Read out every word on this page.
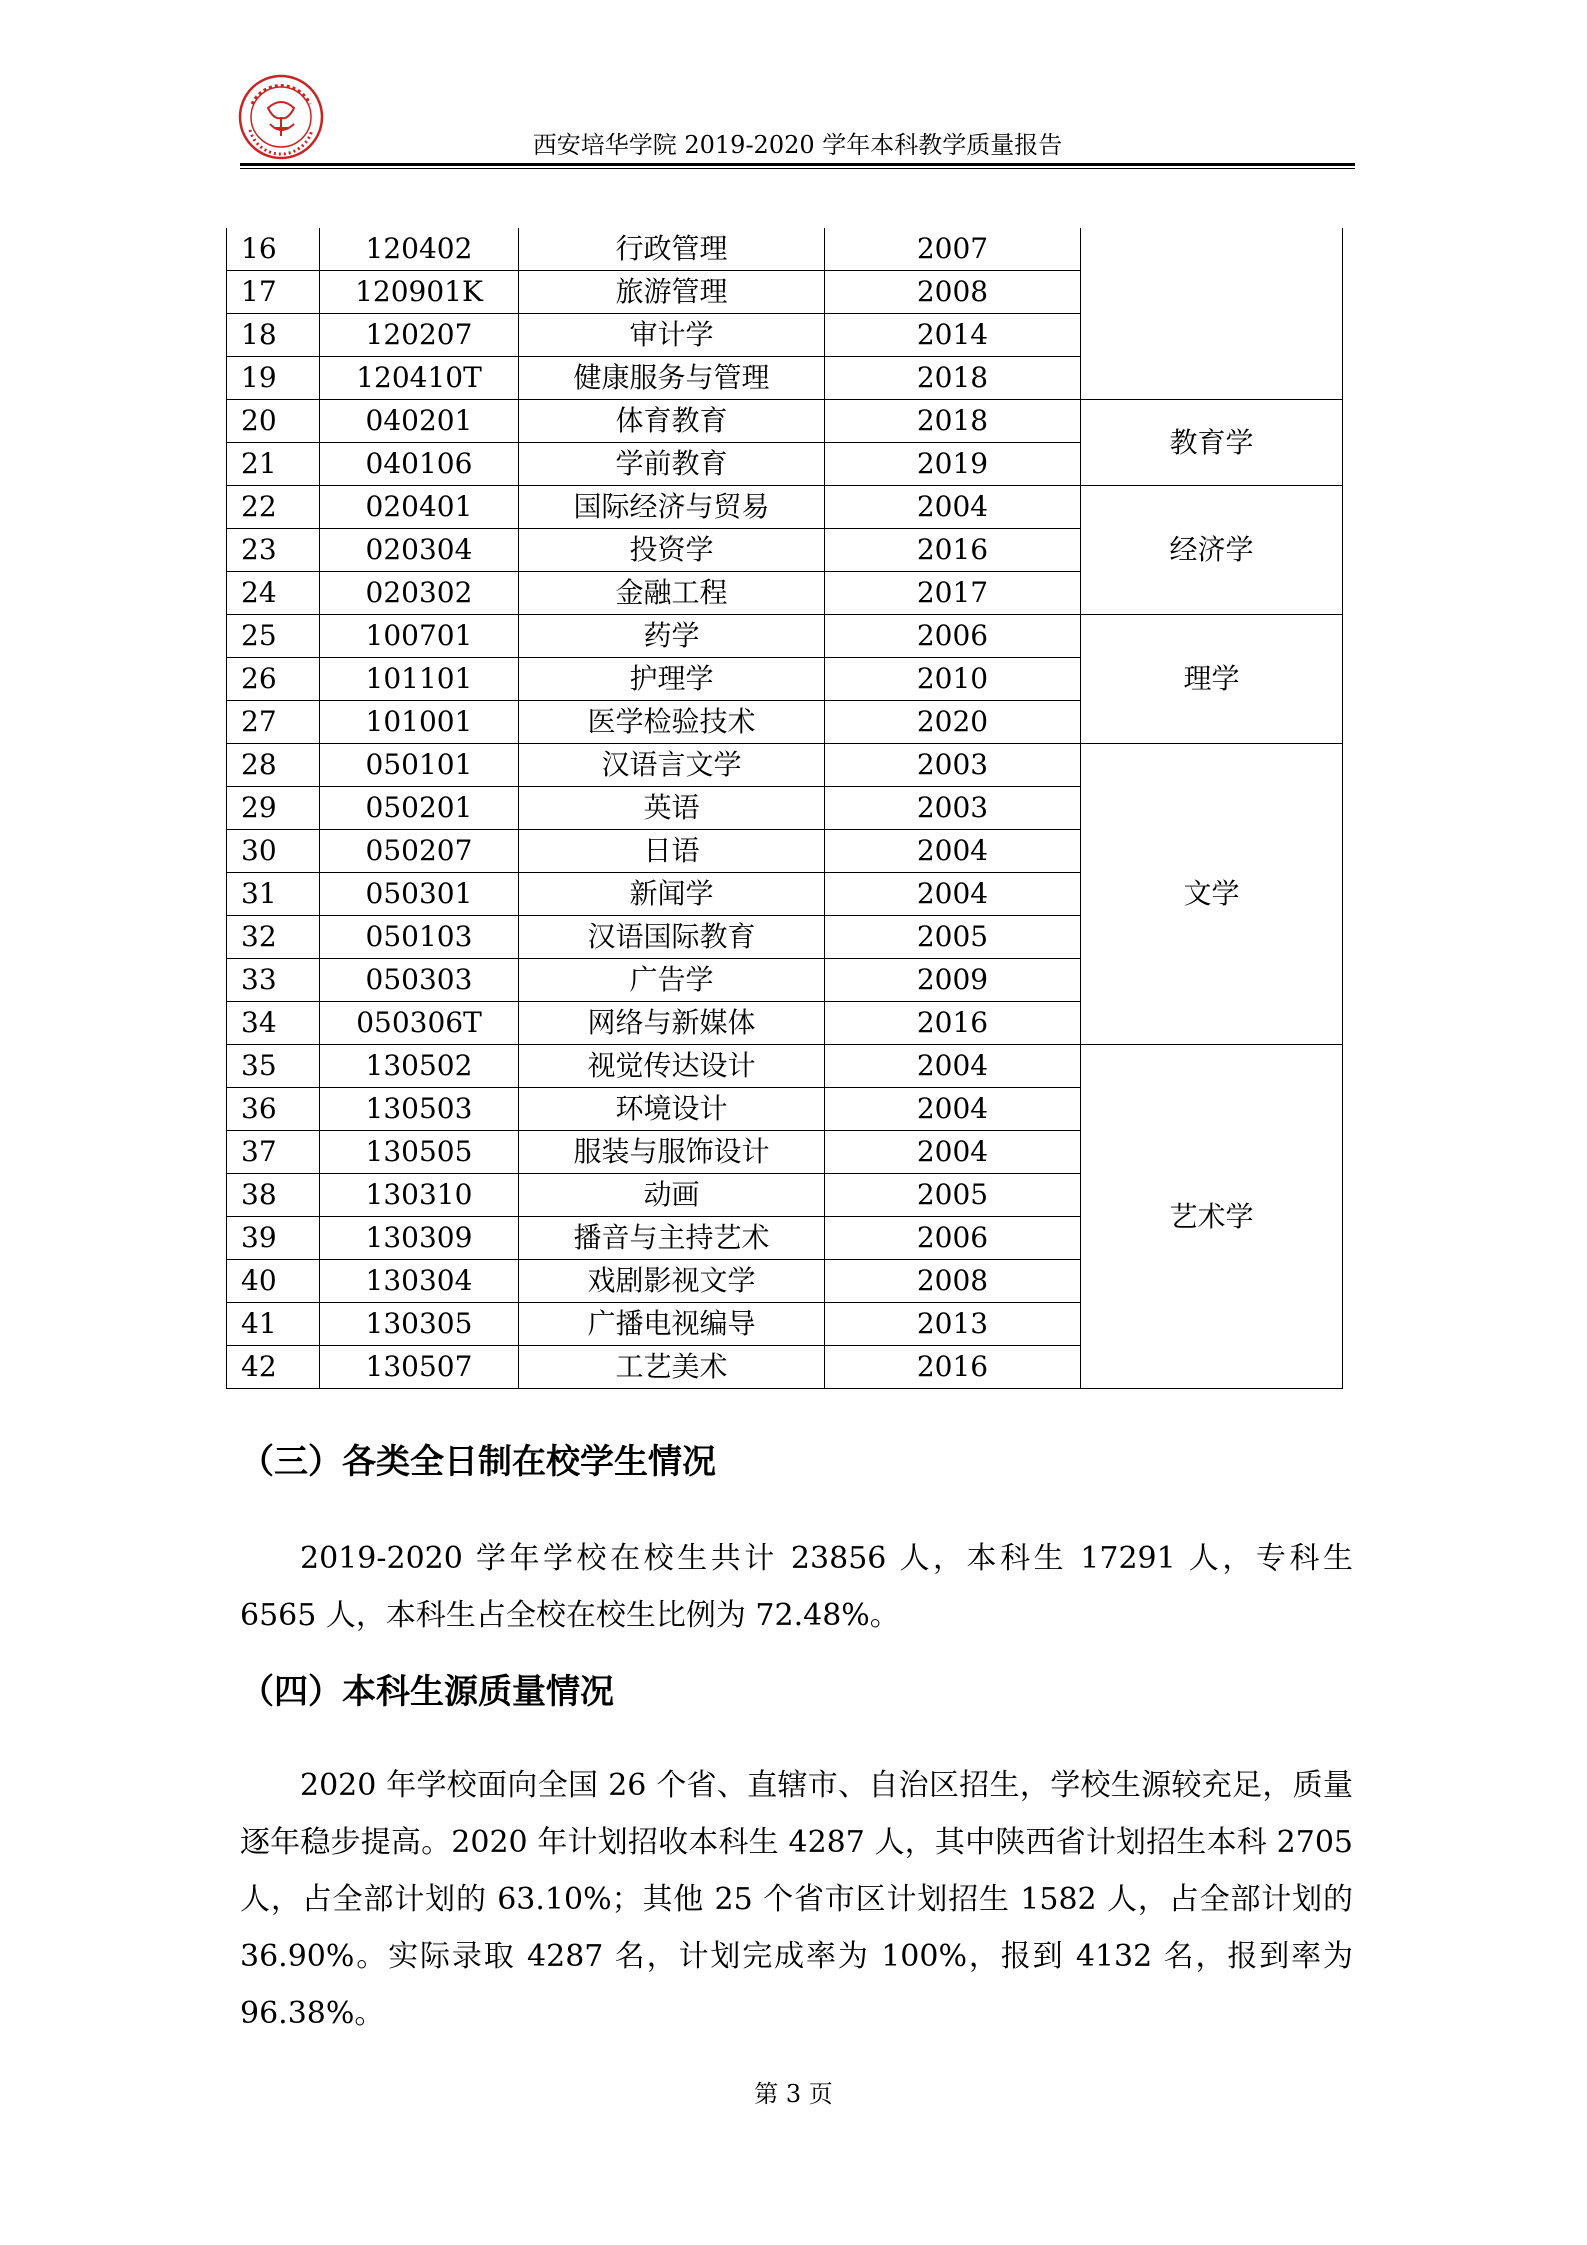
西安培华学院 2019-2020 学年本科教学质量报告
16	120402	行政管理	2007	
17	120901K	旅游管理	2008	
18	120207	审计学	2014	
19	120410T	健康服务与管理	2018	
20	040201	体育教育	2018	教育学
21	040106	学前教育	2019	
22	020401	国际经济与贸易	2004	经济学
23	020304	投资学	2016	
24	020302	金融工程	2017	
25	100701	药学	2006	理学
26	101101	护理学	2010	
27	101001	医学检验技术	2020	
28	050101	汉语言文学	2003	文学
29	050201	英语	2003	
30	050207	日语	2004	
31	050301	新闻学	2004	
32	050103	汉语国际教育	2005	
33	050303	广告学	2009	
34	050306T	网络与新媒体	2016	
35	130502	视觉传达设计	2004	艺术学
36	130503	环境设计	2004	
37	130505	服装与服饰设计	2004	
38	130310	动画	2005	
39	130309	播音与主持艺术	2006	
40	130304	戏剧影视文学	2008	
41	130305	广播电视编导	2013	
42	130507	工艺美术	2016	
（三）各类全日制在校学生情况

2019-2020 学年学校在校生共计 23856 人，本科生 17291 人，专科生 6565 人，本科生占全校在校生比例为 72.48%。

（四）本科生源质量情况

2020 年学校面向全国 26 个省、直辖市、自治区招生，学校生源较充足，质量逐年稳步提高。2020 年计划招收本科生 4287 人，其中陕西省计划招生本科 2705 人，占全部计划的 63.10%；其他 25 个省市区计划招生 1582 人，占全部计划的 36.90%。实际录取 4287 名，计划完成率为 100%，报到 4132 名，报到率为 96.38%。

第 3 页
